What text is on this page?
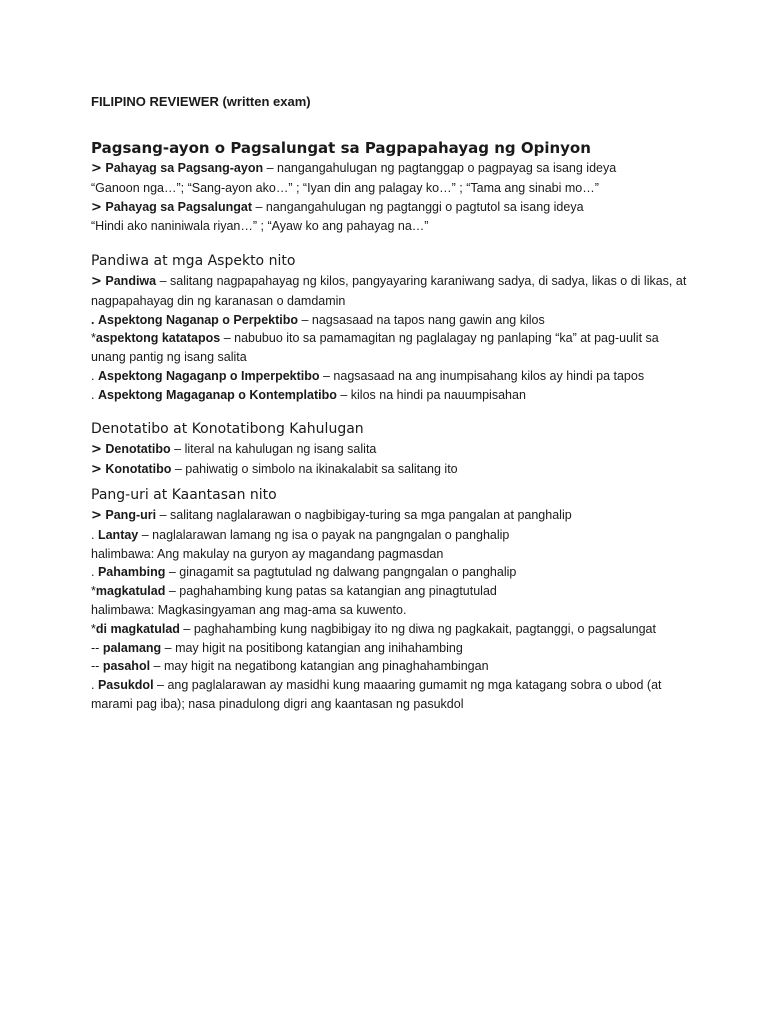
FILIPINO REVIEWER (written exam)

Pagsang-ayon o Pagsalungat sa Pagpapahayag ng Opinyon

> Pahayag sa Pagsang-ayon – nangangahulugan ng pagtanggap o pagpayag sa isang ideya

“Ganoon nga…”; “Sang-ayon ako…” ; “Iyan din ang palagay ko…” ; “Tama ang sinabi mo…”

> Pahayag sa Pagsalungat – nangangahulugan ng pagtanggi o pagtutol sa isang ideya

“Hindi ako naniniwala riyan…” ; “Ayaw ko ang pahayag na…”

Pandiwa at mga Aspekto nito

> Pandiwa – salitang nagpapahayag ng kilos, pangyayaring karaniwang sadya, di sadya, likas o di likas, at

nagpapahayag din ng karanasan o damdamin

. Aspektong Naganap o Perpektibo – nagsasaad na tapos nang gawin ang kilos

*aspektong katatapos – nabubuo ito sa pamamagitan ng paglalagay ng panlaping “ka” at pag-uulit sa

unang pantig ng isang salita

. Aspektong Nagaganp o Imperpektibo – nagsasaad na ang inumpisahang kilos ay hindi pa tapos

. Aspektong Magaganap o Kontemplatibo – kilos na hindi pa nauumpisahan

Denotatibo at Konotatibong Kahulugan

> Denotatibo – literal na kahulugan ng isang salita

> Konotatibo – pahiwatig o simbolo na ikinakalabit sa salitang ito

Pang-uri at Kaantasan nito

> Pang-uri – salitang naglalarawan o nagbibigay-turing sa mga pangalan at panghalip

. Lantay – naglalarawan lamang ng isa o payak na pangngalan o panghalip

halimbawa: Ang makulay na guryon ay magandang pagmasdan

. Pahambing – ginagamit sa pagtutulad ng dalwang pangngalan o panghalip

*magkatulad – paghahambing kung patas sa katangian ang pinagtutulad

halimbawa: Magkasingyaman ang mag-ama sa kuwento.

*di magkatulad – paghahambing kung nagbibigay ito ng diwa ng pagkakait, pagtanggi, o pagsalungat

-- palamang – may higit na positibong katangian ang inihahambing

-- pasahol – may higit na negatibong katangian ang pinaghahambingan

. Pasukdol – ang paglalarawan ay masidhi kung maaaring gumamit ng mga katagang sobra o ubod (at

marami pag iba); nasa pinadulong digri ang kaantasan ng pasukdol
